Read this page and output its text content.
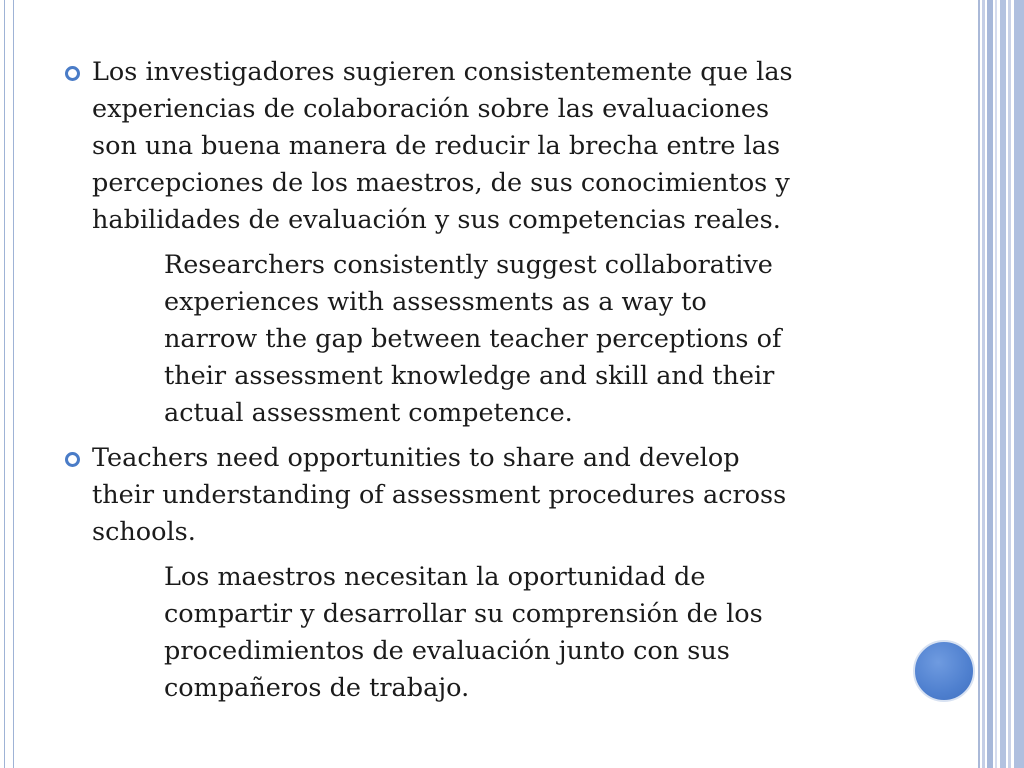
Los investigadores sugieren consistentemente que las
experiencias de colaboración sobre las evaluaciones
son una buena manera de reducir la brecha entre las
percepciones de los maestros, de sus conocimientos y
habilidades de evaluación y sus competencias reales.
Researchers consistently suggest collaborative
experiences with assessments as a way to
narrow the gap between teacher perceptions of
their assessment knowledge and skill and their
actual assessment competence.
Teachers need opportunities to share and develop
their understanding of assessment procedures across
schools.
Los maestros necesitan la oportunidad de
compartir y desarrollar su comprensión de los
procedimientos de evaluación junto con sus
compañeros de trabajo.
